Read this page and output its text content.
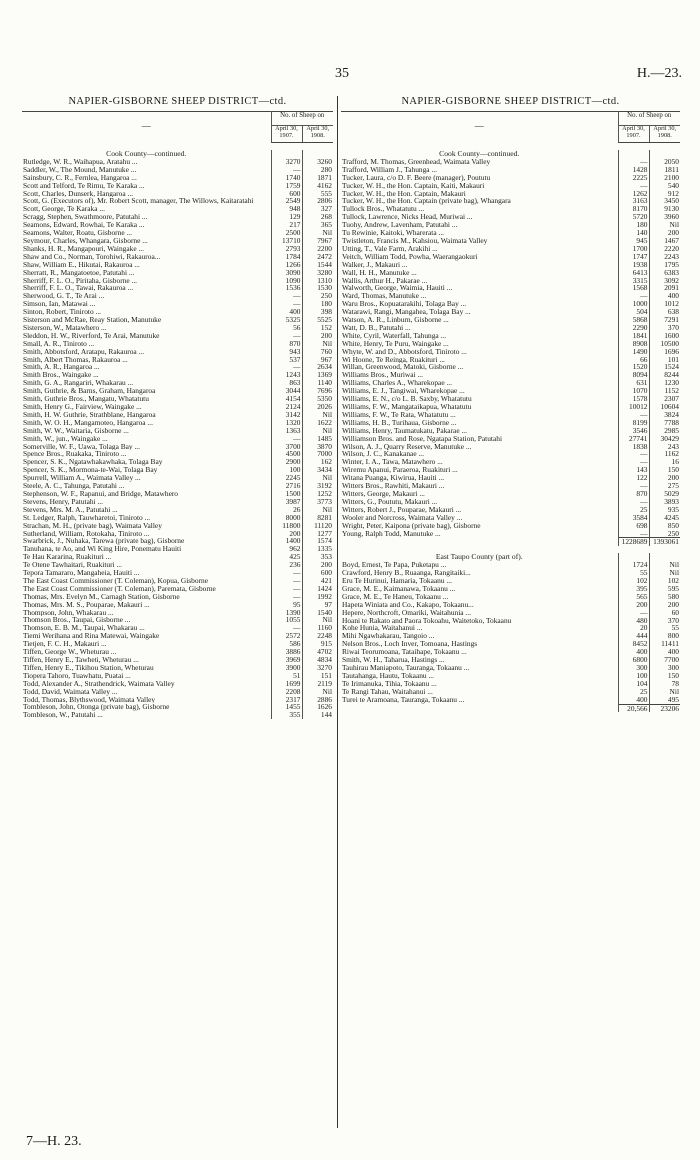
35	H.—23.
NAPIER-GISBORNE SHEEP DISTRICT—ctd.
—	No. of Sheep on	
	April 30, 1907.	April 30, 1908.

Cook County—continued.		
Rutledge, W. R., Waihapua, Aratahu ...	3270	3260
Saddler, W., The Mound, Manutuke ...	—	280
Sainsbury, C. R., Fernlea, Hangaroa ...	1740	1871
Scott and Telford, Te Rimu, Te Karaka ...	1759	4162
Scott, Charles, Dunserk, Hangaroa ...	600	555
Scott, G. (Executors of), Mr. Robert Scott, manager, The Willows, Kaitaratahi	2549	2806
Scott, George, Te Karaka ...	948	327
Scragg, Stephen, Swathmoore, Patutahi ...	129	268
Seamons, Edward, Rowhai, Te Karaka ...	217	365
Seamons, Walter, Roatu, Gisborne ...	2500	Nil
Seymour, Charles, Whangara, Gisborne ...	13710	7967
Shanks, H. R., Mangapouri, Waingake ...	2793	2200
Shaw and Co., Norman, Torohiwi, Rakauroa...	1784	2472
Shaw, William E., Hikutai, Rakauroa ...	1266	1544
Sherratt, R., Mangatoetoe, Patutahi ...	3090	3280
Sherriff, F. L. O., Piritaha, Gisborne ...	1090	1310
Sherriff, F. L. O., Tawai, Rakauroa ...	1536	1530
Sherwood, G. T., Te Arai ...	—	250
Simson, Ian, Matawai ...	—	180
Sinton, Robert, Tiniroto ...	400	398
Sisterson and McRae, Reay Station, Manutuke	5325	5525
Sisterson, W., Matawhero ...	56	152
Sleddon, H. W., Riverford, Te Arai, Manutuke	—	200
Small, A. R., Tiniroto ...	870	Nil
Smith, Abbotsford, Aratapu, Rakauroa ...	943	760
Smith, Albert Thomas, Rakauroa ...	537	967
Smith, A. R., Hangaroa ...	—	2634
Smith Bros., Waingake ...	1243	1369
Smith, G. A., Rangariri, Whakarau ...	863	1140
Smith, Guthrie, & Barns, Graham, Hangaroa	3044	7696
Smith, Guthrie Bros., Mangatu, Whatatutu	4154	5350
Smith, Henry G., Fairview, Waingake ...	2124	2026
Smith, H. W. Guthrie, Strathblane, Hangaroa	3142	Nil
Smith, W. O. H., Mangamoteo, Hangaroa ...	1320	1622
Smith, W. W., Waitaria, Gisborne ...	1363	Nil
Smith, W., jun., Waingake ...	—	1485
Somerville, W. F., Uawa, Tolaga Bay ...	3700	3870
Spence Bros., Ruakaka, Tiniroto ...	4500	7000
Spencer, S. K., Ngatawhakawhaka, Tolaga Bay	2900	162
Spencer, S. K., Mormona-te-Wai, Tolaga Bay	100	3434
Spurrell, William A., Waimata Valley ...	2245	Nil
Steele, A. C., Tahunga, Patutahi ...	2716	3192
Stephenson, W. F., Rapanui, and Bridge, Matawhero	1500	1252
Stevens, Henry, Patutahi ...	3987	3773
Stevens, Mrs. M. A., Patutahi ...	26	Nil
St. Ledger, Ralph, Tauwharetoi, Tiniroto ...	8000	8281
Strachan, M. H., (private bag), Waimata Valley	11800	11120
Sutherland, William, Rotokaha, Tiniroto ...	200	1277
Swarbrick, J., Nuhaka, Tarewa (private bag), Gisborne	1400	1574
Tanuhana, te Ao, and Wi King Hire, Ponematu Hauiti	962	1335
Te Hau Kararina, Ruakituri ...	425	353
Te Otene Tawhaitari, Ruakituri ...	236	200
Tepora Tamararo, Mangaheia, Hauiti ...	—	600
The East Coast Commissioner (T. Coleman), Kopua, Gisborne	—	421
The East Coast Commissioner (T. Coleman), Paremata, Gisborne	—	1424
Thomas, Mrs. Evelyn M., Carnagh Station, Gisborne	—	1992
Thomas, Mrs. M. S., Pouparae, Makauri ...	95	97
Thompson, John, Whakarau ...	1390	1540
Thomson Bros., Taupai, Gisborne ...	1055	Nil
Thomson, E. B. M., Taupai, Whakarau ...	—	1160
Tiemi Werihana and Rina Matewai, Waingake	2572	2248
Tietjen, F. C. H., Makauri ...	586	915
Tiffen, George W., Wheturau ...	3886	4702
Tiffen, Henry E., Tawheti, Wheturau ...	3969	4834
Tiffen, Henry E., Tikihou Station, Wheturau	3900	3270
Tiopera Tahoro, Tuawhatu, Puatai ...	51	151
Todd, Alexander A., Strathendrick, Waimata Valley	1699	2119
Todd, David, Waimata Valley ...	2208	Nil
Todd, Thomas, Blythswood, Waimata Valley	2317	2886
Tombleson, John, Otonga (private bag), Gisborne	1455	1626
Tombleson, W., Patutahi ...	355	144
NAPIER-GISBORNE SHEEP DISTRICT—ctd.
—	No. of Sheep on	
	April 30, 1907.	April 30, 1908.

Cook County—continued.		
Trafford, M. Thomas, Greenhead, Waimata Valley	—	2050
Trafford, William J., Tahunga ...	1428	1811
Tucker, Laura, c/o D. F. Beere (manager), Poututu	2225	2100
Tucker, W. H., the Hon. Captain, Kaiti, Makauri	—	540
Tucker, W. H., the Hon. Captain, Makauri	1262	912
Tucker, W. H., the Hon. Captain (private bag), Whangara	3163	3450
Tullock Bros., Whatatutu ...	8170	9130
Tullock, Lawrence, Nicks Head, Muriwai ...	5720	3960
Tuohy, Andrew, Lavenham, Patutahi ...	180	Nil
Tu Rewinie, Kaitoki, Wharerata ...	140	200
Twistleton, Francis M., Kahsiou, Waimata Valley	945	1467
Utting, T., Vale Farm, Arakihi ...	1700	2220
Veitch, William Todd, Powha, Waerangaokuri	1747	2243
Walker, J., Makauri ...	1938	1795
Wall, H. H., Manutuke ...	6413	6383
Wallis, Arthur H., Pakarae ...	3315	3092
Walworth, George, Waimia, Hauiti ...	1568	2091
Ward, Thomas, Manutuke ...	—	400
Waru Bros., Kopuatarakihi, Tolaga Bay ...	1000	1012
Watarawi, Rangi, Mangahea, Tolaga Bay ...	504	638
Watson, A. R., Linburn, Gisborne ...	5868	7291
Watt, D. B., Patutahi ...	2290	370
White, Cyril, Waterfall, Tahunga ...	1841	1600
White, Henry, Te Puru, Waingake ...	8908	10500
Whyte, W. and D., Abbotsford, Tiniroto ...	1490	1696
Wi Hoone, Te Reinga, Ruakituri ...	66	101
Willan, Greenwood, Matoki, Gisborne ...	1520	1524
Williams Bros., Muriwai ...	8094	8244
Williams, Charles A., Wharekopae ...	631	1230
Williams, E. J., Tangiwai, Wharekopae ...	1070	1152
Williams, E. N., c/o L. B. Saxby, Whatatutu	1578	2307
Williams, F. W., Mangataikapua, Whatatutu	10012	10604
Williams, F. W., Te Rata, Whatatutu ...	—	3824
Williams, H. B., Turihaua, Gisborne ...	8199	7788
Williams, Henry, Taumatukatu, Pakarae ...	3546	2985
Williamson Bros. and Rose, Ngatapa Station, Patutahi	27741	30429
Wilson, A. J., Quarry Reserve, Manutuke ...	1838	243
Wilson, J. C., Kanakanae ...	—	1162
Winter, I. A., Tawa, Matawhero ...	—	16
Wiremu Apanui, Paraeroa, Ruakituri ...	143	150
Witana Puanga, Kiwirua, Hauiti ...	122	200
Witters Bros., Rawhiti, Makauri ...	—	275
Witters, George, Makauri ...	870	5029
Witters, G., Poututu, Makauri ...	—	3893
Witters, Robert J., Pouparae, Makauri ...	25	935
Wooler and Norcross, Waimata Valley ...	3584	4245
Wright, Peter, Kaipona (private bag), Gisborne	698	850
Young, Ralph Todd, Manutuke ...	—	250
	1228689	1393061

East Taupo County (part of).		
Boyd, Ernest, Te Papa, Puketapu ...	1724	Nil
Crawford, Henry B., Ruaanga, Rangitaiki...	55	Nil
Eru Te Hurinui, Hamaria, Tokaanu ...	102	102
Grace, M. E., Kaimanawa, Tokaanu ...	395	595
Grace, M. E., Te Haneu, Tokaanu ...	565	580
Hapeta Winiata and Co., Kakapo, Tokaanu...	200	200
Hepere, Northcroft, Omariki, Waitahunia ...	—	60
Hoani te Rakato and Paora Tokoahu, Waitetoko, Tokaanu	480	370
Kohe Hunia, Waitahanui ...	20	55
Mihi Ngawhakarau, Tangoio ...	444	800
Nelson Bros., Loch Inver, Tomoana, Hastings	8452	11411
Riwai Teorumoana, Tataihape, Tokaanu ...	400	400
Smith, W. H., Taharua, Hastings ...	6800	7700
Tauhirau Maniapoto, Tauranga, Tokaanu ...	300	300
Tautahanga, Hautu, Tokaanu ...	100	150
Te Irimanuka, Tihia, Tokaanu ...	104	78
Te Rangi Tahau, Waitahanui ...	25	Nil
Turei te Aramoana, Tauranga, Tokaanu ...	400	495
	20,566	23206
7—H. 23.
